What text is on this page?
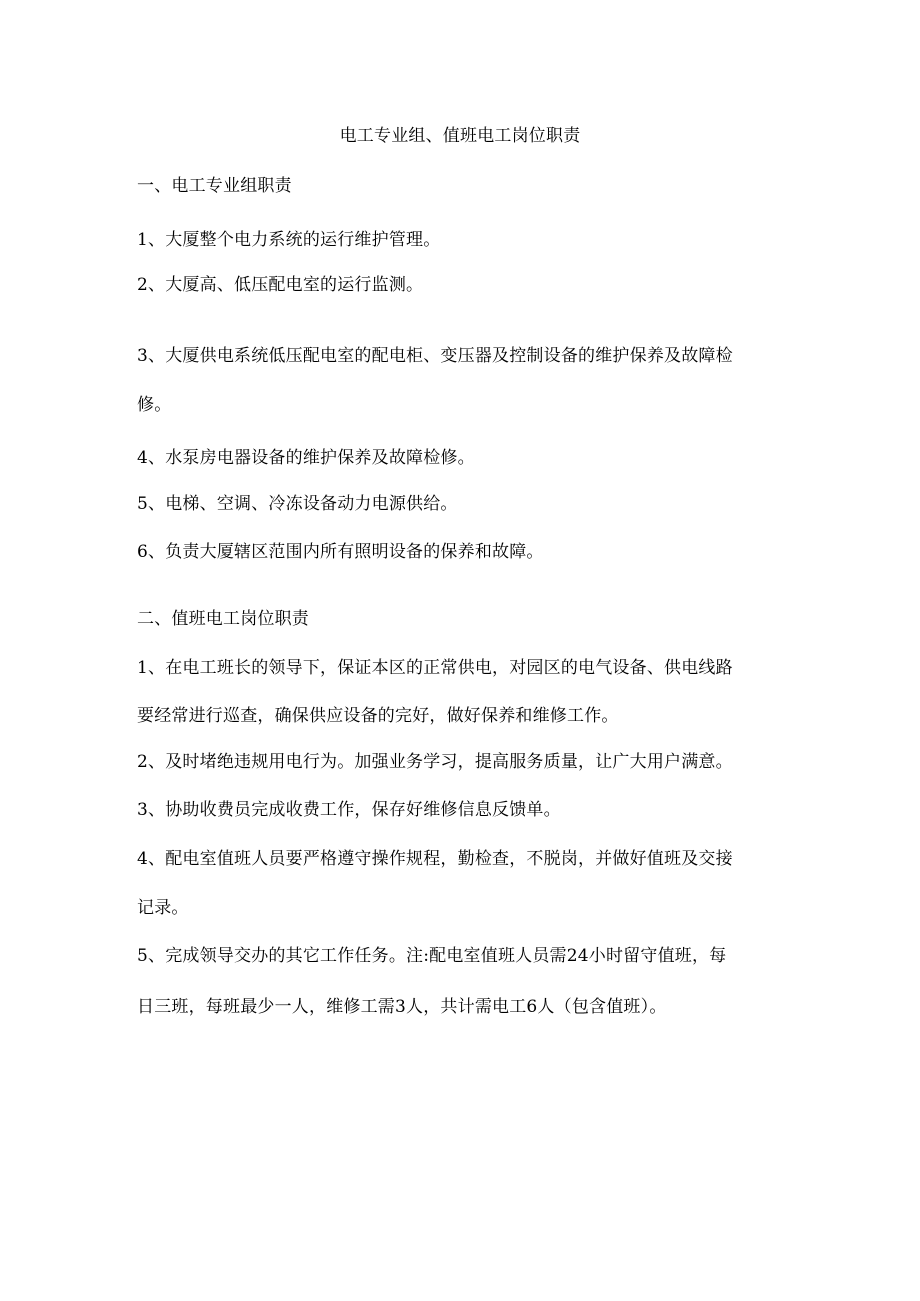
电工专业组、值班电工岗位职责
一、电工专业组职责
1、大厦整个电力系统的运行维护管理。
2、大厦高、低压配电室的运行监测。
3、大厦供电系统低压配电室的配电柜、变压器及控制设备的维护保养及故障检
修。
4、水泵房电器设备的维护保养及故障检修。
5、电梯、空调、冷冻设备动力电源供给。
6、负责大厦辖区范围内所有照明设备的保养和故障。
二、值班电工岗位职责
1、在电工班长的领导下，保证本区的正常供电，对园区的电气设备、供电线路
要经常进行巡查，确保供应设备的完好，做好保养和维修工作。
2、及时堵绝违规用电行为。加强业务学习，提高服务质量，让广大用户满意。
3、协助收费员完成收费工作，保存好维修信息反馈单。
4、配电室值班人员要严格遵守操作规程，勤检查，不脱岗，并做好值班及交接
记录。
5、完成领导交办的其它工作任务。注:配电室值班人员需24小时留守值班，每
日三班，每班最少一人，维修工需3人，共计需电工6人（包含值班）。
